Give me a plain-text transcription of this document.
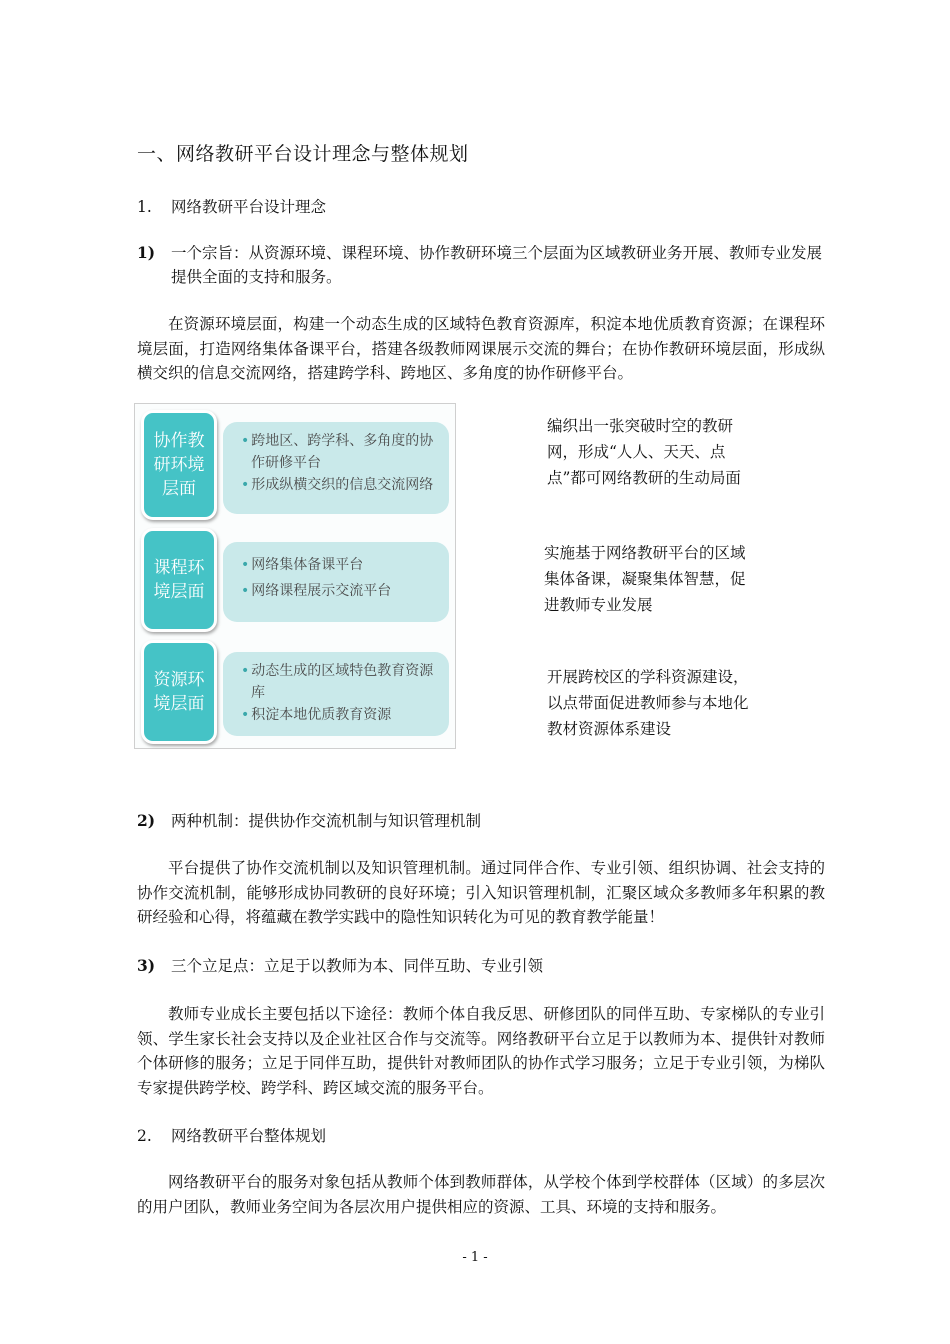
一、网络教研平台设计理念与整体规划
1. 网络教研平台设计理念
1)	一个宗旨：从资源环境、课程环境、协作教研环境三个层面为区域教研业务开展、教师专业发展提供全面的支持和服务。
在资源环境层面，构建一个动态生成的区域特色教育资源库，积淀本地优质教育资源；在课程环境层面，打造网络集体备课平台，搭建各级教师网课展示交流的舞台；在协作教研环境层面，形成纵横交织的信息交流网络，搭建跨学科、跨地区、多角度的协作研修平台。
协作教研环境层面
• 跨地区、跨学科、多角度的协作研修平台
• 形成纵横交织的信息交流网络
课程环境层面
• 网络集体备课平台
• 网络课程展示交流平台
资源环境层面
• 动态生成的区域特色教育资源库
• 积淀本地优质教育资源
编织出一张突破时空的教研网，形成“人人、天天、点点”都可网络教研的生动局面
实施基于网络教研平台的区域集体备课，凝聚集体智慧，促进教师专业发展
开展跨校区的学科资源建设，以点带面促进教师参与本地化教材资源体系建设
2)	两种机制：提供协作交流机制与知识管理机制
平台提供了协作交流机制以及知识管理机制。通过同伴合作、专业引领、组织协调、社会支持的协作交流机制，能够形成协同教研的良好环境；引入知识管理机制，汇聚区域众多教师多年积累的教研经验和心得，将蕴藏在教学实践中的隐性知识转化为可见的教育教学能量！
3)	三个立足点：立足于以教师为本、同伴互助、专业引领
教师专业成长主要包括以下途径：教师个体自我反思、研修团队的同伴互助、专家梯队的专业引领、学生家长社会支持以及企业社区合作与交流等。网络教研平台立足于以教师为本、提供针对教师个体研修的服务；立足于同伴互助，提供针对教师团队的协作式学习服务；立足于专业引领，为梯队专家提供跨学校、跨学科、跨区域交流的服务平台。
2. 网络教研平台整体规划
网络教研平台的服务对象包括从教师个体到教师群体，从学校个体到学校群体（区域）的多层次的用户团队，教师业务空间为各层次用户提供相应的资源、工具、环境的支持和服务。
- 1 -
